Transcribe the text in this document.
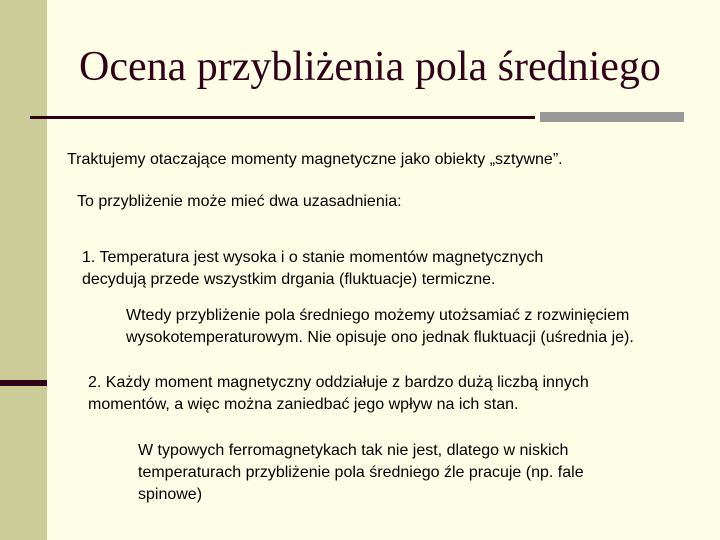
Ocena przybliżenia pola średniego
Traktujemy otaczające momenty magnetyczne jako obiekty „sztywne”.
To przybliżenie może mieć dwa uzasadnienia:
1. Temperatura jest wysoka i o stanie momentów magnetycznych
decydują przede wszystkim drgania (fluktuacje) termiczne.
Wtedy przybliżenie pola średniego możemy utożsamiać z rozwinięciem
wysokotemperaturowym. Nie opisuje ono jednak fluktuacji (uśrednia je).
2. Każdy moment magnetyczny oddziałuje z bardzo dużą liczbą innych
momentów, a więc można zaniedbać jego wpływ na ich stan.
W typowych ferromagnetykach tak nie jest, dlatego w niskich
temperaturach przybliżenie pola średniego źle pracuje (np. fale
spinowe)
